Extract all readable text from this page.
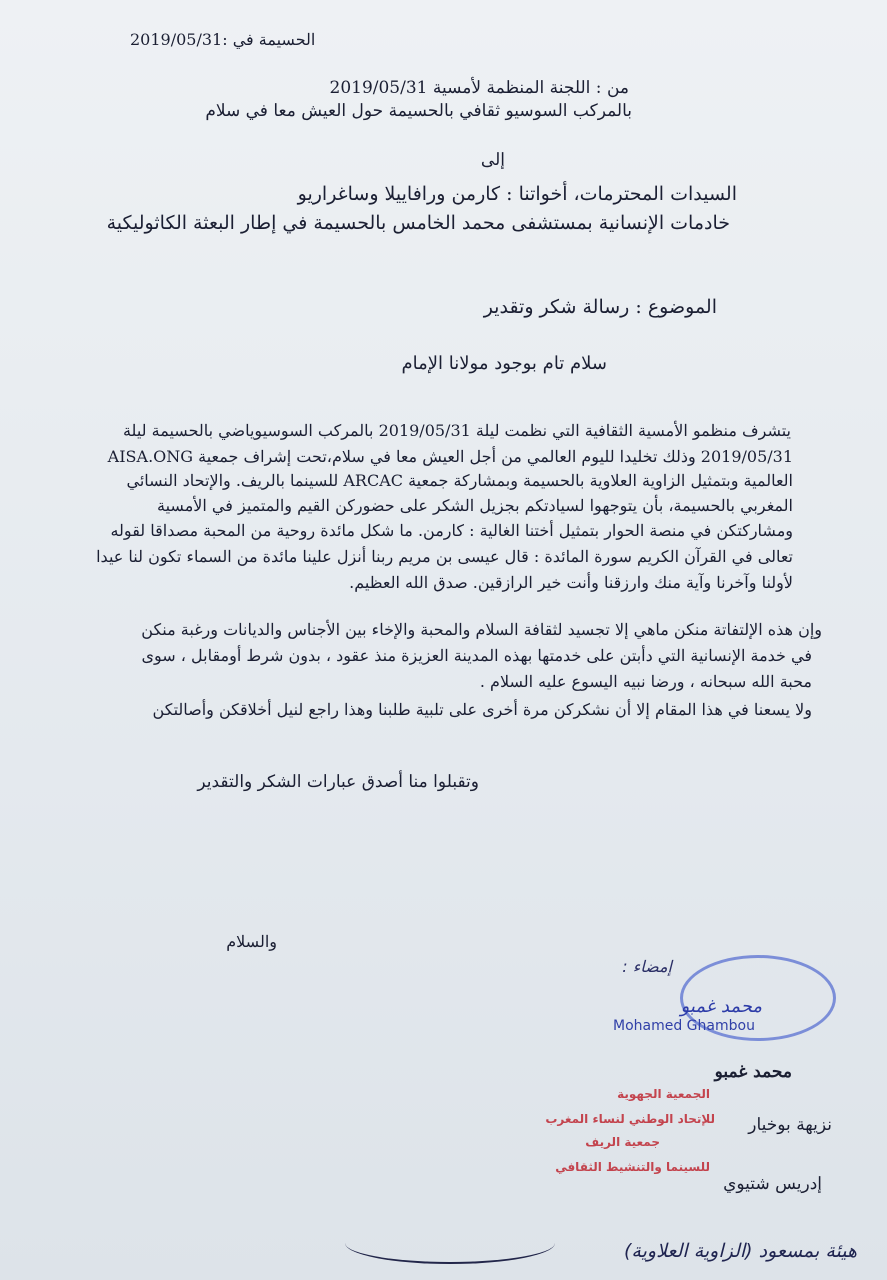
الحسيمة في :2019/05/31
من : اللجنة المنظمة لأمسية 2019/05/31
بالمركب السوسيو ثقافي بالحسيمة حول العيش معا في سلام
إلى
السيدات المحترمات، أخواتنا : كارمن ورافاييلا وساغراريو
خادمات الإنسانية بمستشفى محمد الخامس بالحسيمة في إطار البعثة الكاثوليكية
الموضوع : رسالة شكر وتقدير
سلام تام بوجود مولانا الإمام
يتشرف منظمو الأمسية الثقافية التي نظمت ليلة 2019/05/31 بالمركب السوسيوياضي بالحسيمة ليلة
2019/05/31 وذلك تخليدا لليوم العالمي من أجل العيش معا في سلام،تحت إشراف جمعية AISA.ONG
العالمية وبتمثيل الزاوية العلاوية بالحسيمة وبمشاركة جمعية ARCAC للسينما بالريف. والإتحاد النسائي
المغربي بالحسيمة، بأن يتوجهوا لسيادتكم بجزيل الشكر على حضوركن القيم والمتميز في الأمسية
ومشاركتكن في منصة الحوار بتمثيل أختنا الغالية : كارمن. ما شكل مائدة روحية من المحبة مصداقا لقوله
تعالى في القرآن الكريم سورة المائدة : قال عيسى بن مريم ربنا أنزل علينا مائدة من السماء تكون لنا عيدا
لأولنا وآخرنا وآية منك وارزقنا وأنت خير الرازقين. صدق الله العظيم.
وإن هذه الإلتفاتة منكن ماهي إلا تجسيد لثقافة السلام والمحبة والإخاء بين الأجناس والديانات ورغبة منكن
في خدمة الإنسانية التي دأبتن على خدمتها بهذه المدينة العزيزة منذ عقود ، بدون شرط أومقابل ، سوى
محبة الله سبحانه ، ورضا نبيه اليسوع عليه السلام .
ولا يسعنا في هذا المقام إلا أن نشكركن مرة أخرى على تلبية طلبنا وهذا راجع لنيل أخلاقكن وأصالتكن
وتقبلوا منا أصدق عبارات الشكر والتقدير
والسلام
إمضاء :
محمد غمبو
Mohamed Ghambou
محمد غمبو
نزيهة بوخيار
إدريس شتيوي
الجمعية الجهوية
للإتحاد الوطني لنساء المغرب
جمعية الريف
للسينما والتنشيط الثقافي
هيئة بمسعود (الزاوية العلاوية)
